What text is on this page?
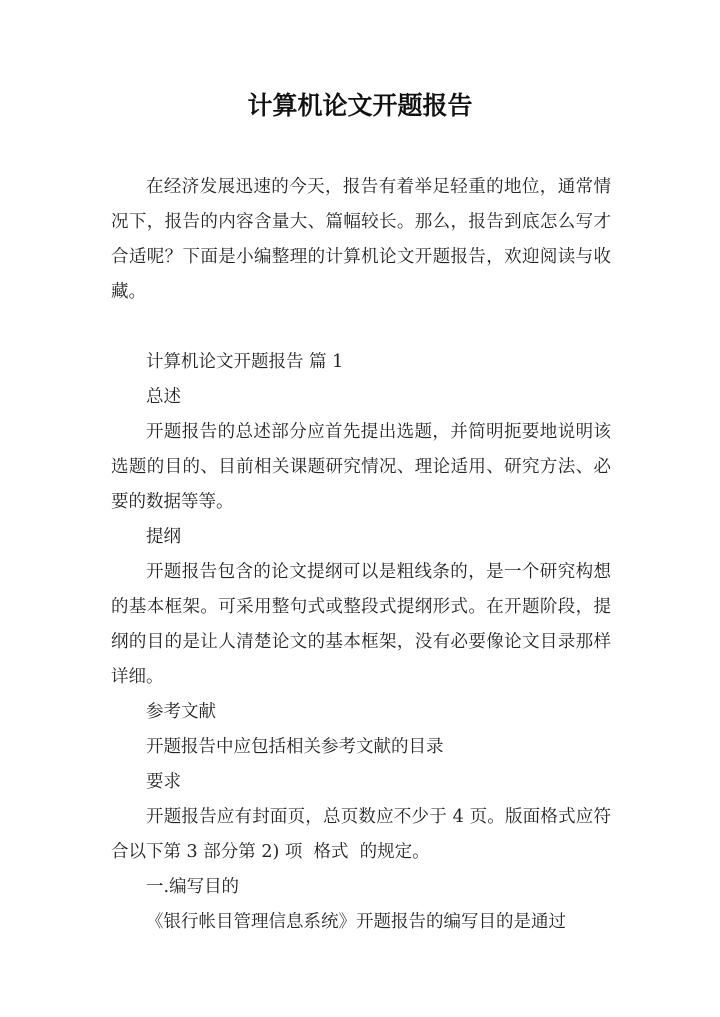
计算机论文开题报告

在经济发展迅速的今天，报告有着举足轻重的地位，通常情况下，报告的内容含量大、篇幅较长。那么，报告到底怎么写才合适呢？下面是小编整理的计算机论文开题报告，欢迎阅读与收藏。

计算机论文开题报告 篇 1

总述

开题报告的总述部分应首先提出选题，并简明扼要地说明该选题的目的、目前相关课题研究情况、理论适用、研究方法、必要的数据等等。

提纲

开题报告包含的论文提纲可以是粗线条的，是一个研究构想的基本框架。可采用整句式或整段式提纲形式。在开题阶段，提纲的目的是让人清楚论文的基本框架，没有必要像论文目录那样详细。

参考文献

开题报告中应包括相关参考文献的目录

要求

开题报告应有封面页，总页数应不少于 4 页。版面格式应符合以下第 3 部分第 2) 项  格式  的规定。

一.编写目的

《银行帐目管理信息系统》开题报告的编写目的是通过
